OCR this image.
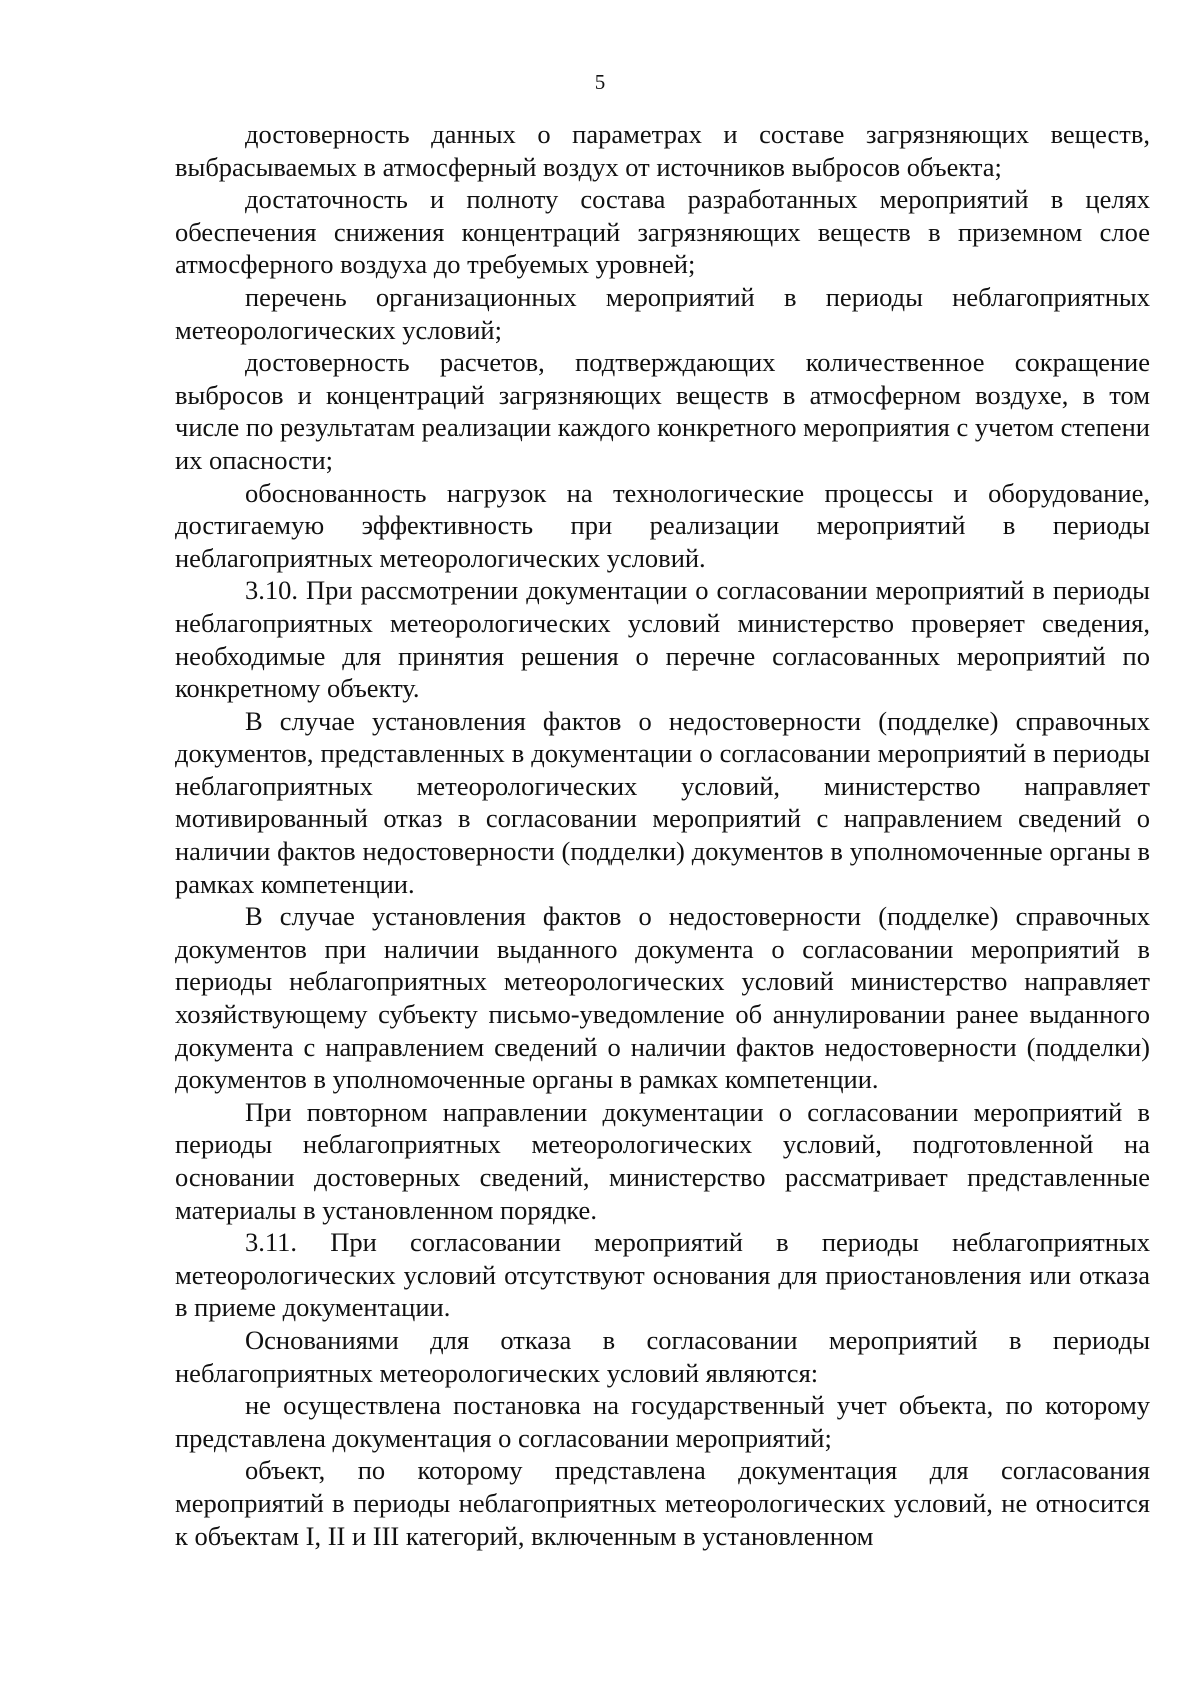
5

достоверность данных о параметрах и составе загрязняющих веществ, выбрасываемых в атмосферный воздух от источников выбросов объекта;

достаточность и полноту состава разработанных мероприятий в целях обеспечения снижения концентраций загрязняющих веществ в приземном слое атмосферного воздуха до требуемых уровней;

перечень организационных мероприятий в периоды неблагоприятных метеорологических условий;

достоверность расчетов, подтверждающих количественное сокращение выбросов и концентраций загрязняющих веществ в атмосферном воздухе, в том числе по результатам реализации каждого конкретного мероприятия с учетом степени их опасности;

обоснованность нагрузок на технологические процессы и оборудование, достигаемую эффективность при реализации мероприятий в периоды неблагоприятных метеорологических условий.

3.10. При рассмотрении документации о согласовании мероприятий в периоды неблагоприятных метеорологических условий министерство проверяет сведения, необходимые для принятия решения о перечне согласованных мероприятий по конкретному объекту.

В случае установления фактов о недостоверности (подделке) справочных документов, представленных в документации о согласовании мероприятий в периоды неблагоприятных метеорологических условий, министерство направляет мотивированный отказ в согласовании мероприятий с направлением сведений о наличии фактов недостоверности (подделки) документов в уполномоченные органы в рамках компетенции.

В случае установления фактов о недостоверности (подделке) справочных документов при наличии выданного документа о согласовании мероприятий в периоды неблагоприятных метеорологических условий министерство направляет хозяйствующему субъекту письмо-уведомление об аннулировании ранее выданного документа с направлением сведений о наличии фактов недостоверности (подделки) документов в уполномоченные органы в рамках компетенции.

При повторном направлении документации о согласовании мероприятий в периоды неблагоприятных метеорологических условий, подготовленной на основании достоверных сведений, министерство рассматривает представленные материалы в установленном порядке.

3.11. При согласовании мероприятий в периоды неблагоприятных метеорологических условий отсутствуют основания для приостановления или отказа в приеме документации.

Основаниями для отказа в согласовании мероприятий в периоды неблагоприятных метеорологических условий являются:

не осуществлена постановка на государственный учет объекта, по которому представлена документация о согласовании мероприятий;

объект, по которому представлена документация для согласования мероприятий в периоды неблагоприятных метеорологических условий, не относится к объектам I, II и III категорий, включенным в установленном
